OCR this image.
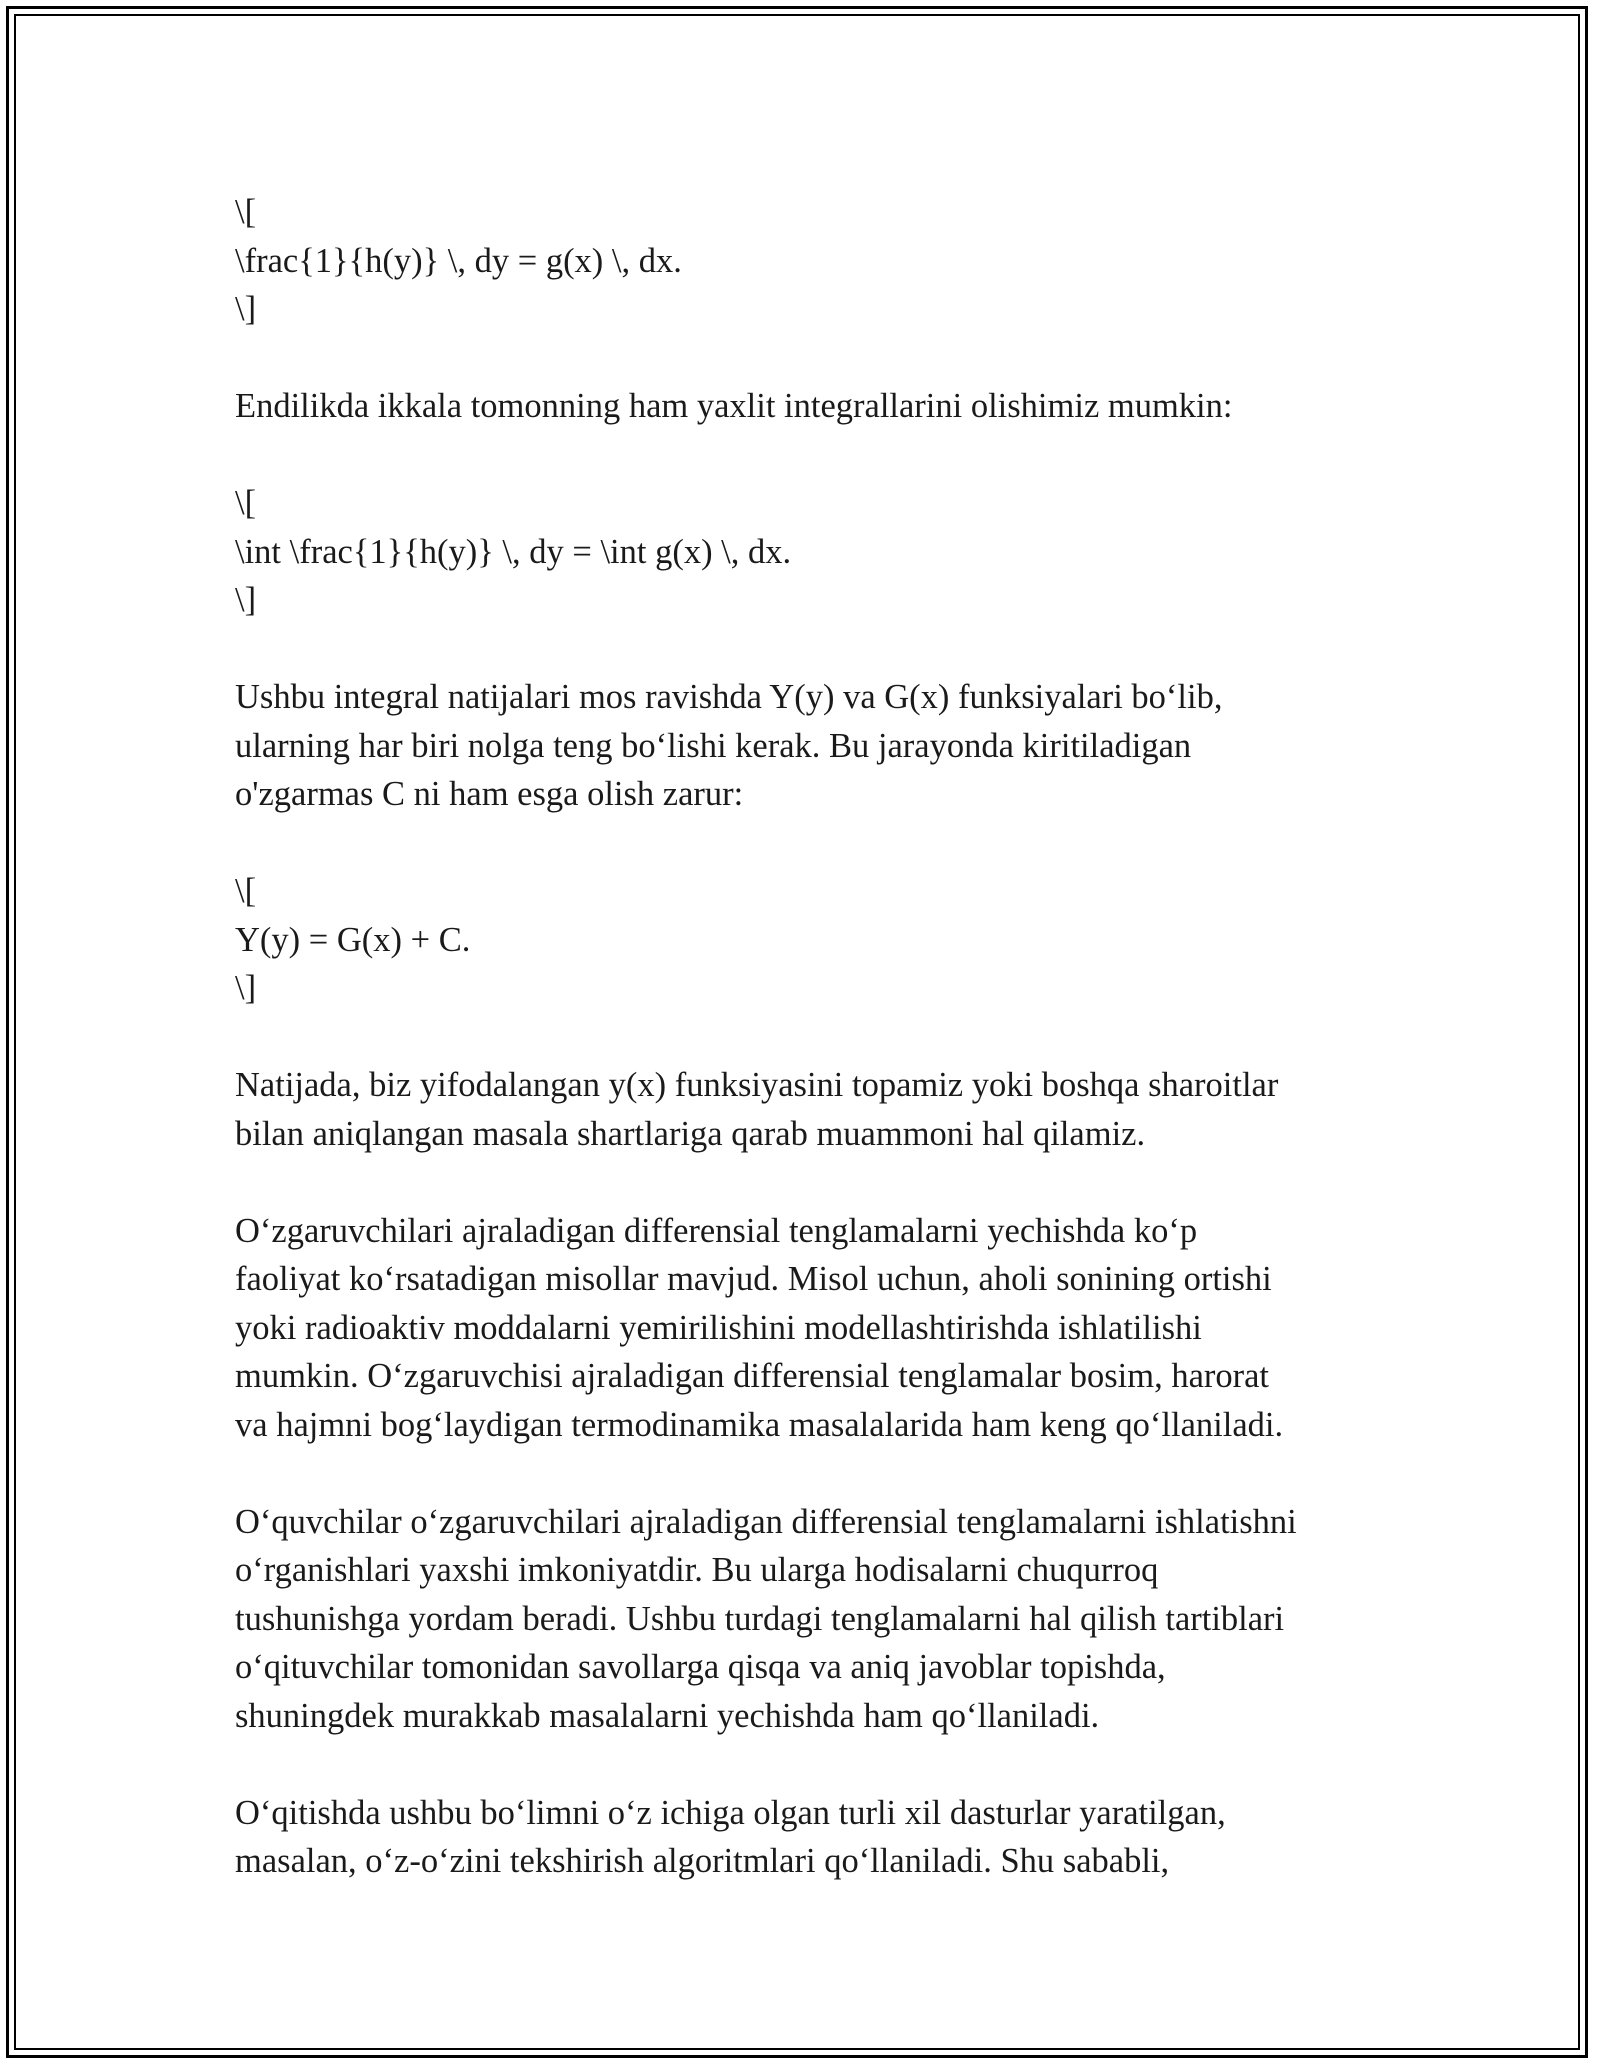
\[
\frac{1}{h(y)} \, dy = g(x) \, dx.
\]
Endilikda ikkala tomonning ham yaxlit integrallarini olishimiz mumkin:
\[
\int \frac{1}{h(y)} \, dy = \int g(x) \, dx.
\]
Ushbu integral natijalari mos ravishda Y(y) va G(x) funksiyalari bo‘lib,
ularning har biri nolga teng bo‘lishi kerak. Bu jarayonda kiritiladigan
o'zgarmas C ni ham esga olish zarur:
\[
Y(y) = G(x) + C.
\]
Natijada, biz yifodalangan y(x) funksiyasini topamiz yoki boshqa sharoitlar
bilan aniqlangan masala shartlariga qarab muammoni hal qilamiz.
O‘zgaruvchilari ajraladigan differensial tenglamalarni yechishda ko‘p
faoliyat ko‘rsatadigan misollar mavjud. Misol uchun, aholi sonining ortishi
yoki radioaktiv moddalarni yemirilishini modellashtirishda ishlatilishi
mumkin. O‘zgaruvchisi ajraladigan differensial tenglamalar bosim, harorat
va hajmni bog‘laydigan termodinamika masalalarida ham keng qo‘llaniladi.
O‘quvchilar o‘zgaruvchilari ajraladigan differensial tenglamalarni ishlatishni
o‘rganishlari yaxshi imkoniyatdir. Bu ularga hodisalarni chuqurroq
tushunishga yordam beradi. Ushbu turdagi tenglamalarni hal qilish tartiblari
o‘qituvchilar tomonidan savollarga qisqa va aniq javoblar topishda,
shuningdek murakkab masalalarni yechishda ham qo‘llaniladi.
O‘qitishda ushbu bo‘limni o‘z ichiga olgan turli xil dasturlar yaratilgan,
masalan, o‘z-o‘zini tekshirish algoritmlari qo‘llaniladi. Shu sababli,
